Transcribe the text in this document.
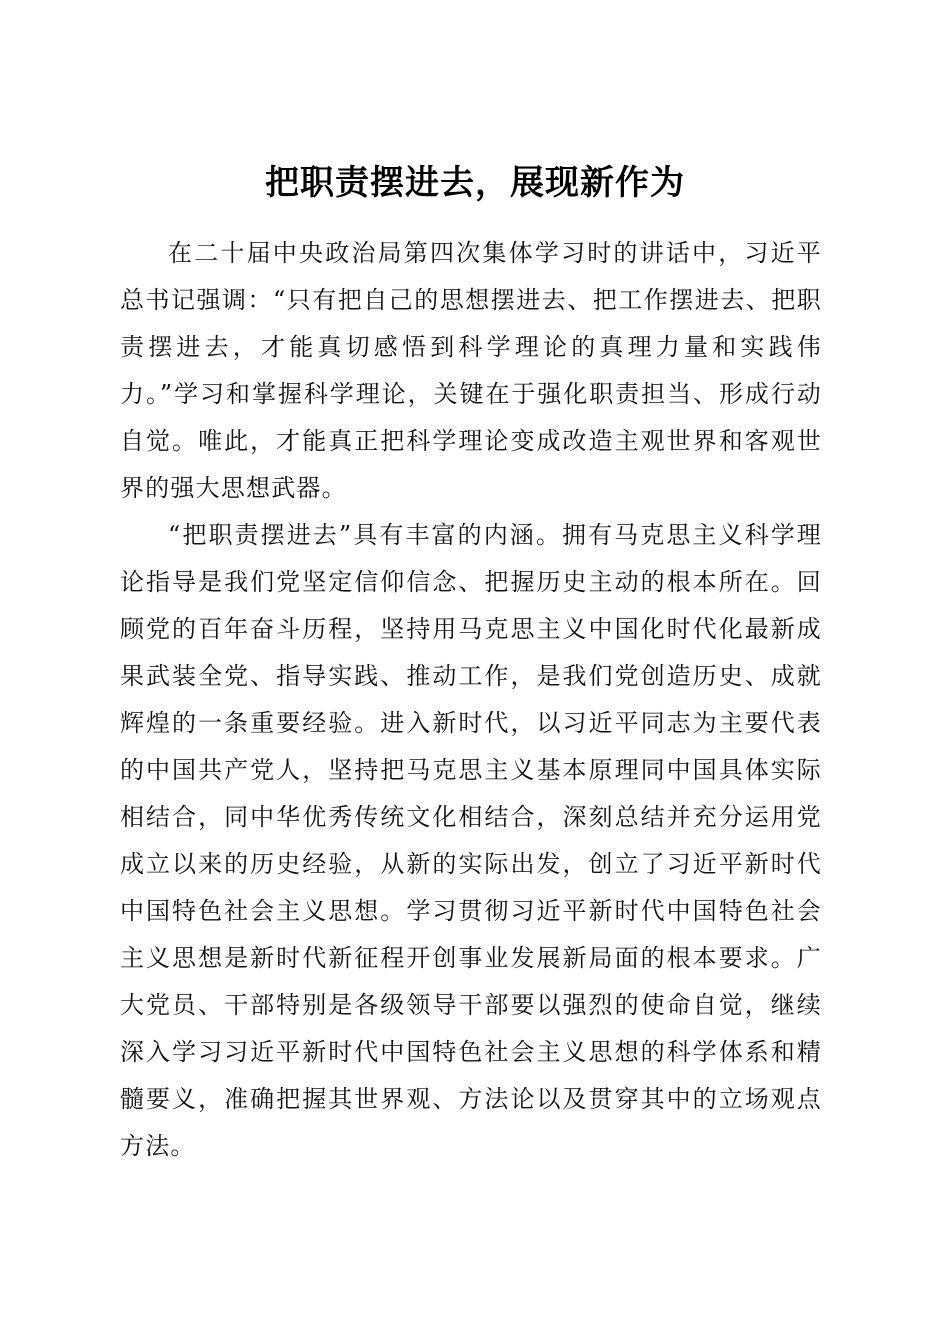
把职责摆进去，展现新作为

在二十届中央政治局第四次集体学习时的讲话中，习近平总书记强调：“只有把自己的思想摆进去、把工作摆进去、把职责摆进去，才能真切感悟到科学理论的真理力量和实践伟力。”学习和掌握科学理论，关键在于强化职责担当、形成行动自觉。唯此，才能真正把科学理论变成改造主观世界和客观世界的强大思想武器。

“把职责摆进去”具有丰富的内涵。拥有马克思主义科学理论指导是我们党坚定信仰信念、把握历史主动的根本所在。回顾党的百年奋斗历程，坚持用马克思主义中国化时代化最新成果武装全党、指导实践、推动工作，是我们党创造历史、成就辉煌的一条重要经验。进入新时代，以习近平同志为主要代表的中国共产党人，坚持把马克思主义基本原理同中国具体实际相结合，同中华优秀传统文化相结合，深刻总结并充分运用党成立以来的历史经验，从新的实际出发，创立了习近平新时代中国特色社会主义思想。学习贯彻习近平新时代中国特色社会主义思想是新时代新征程开创事业发展新局面的根本要求。广大党员、干部特别是各级领导干部要以强烈的使命自觉，继续深入学习习近平新时代中国特色社会主义思想的科学体系和精髓要义，准确把握其世界观、方法论以及贯穿其中的立场观点方法。
